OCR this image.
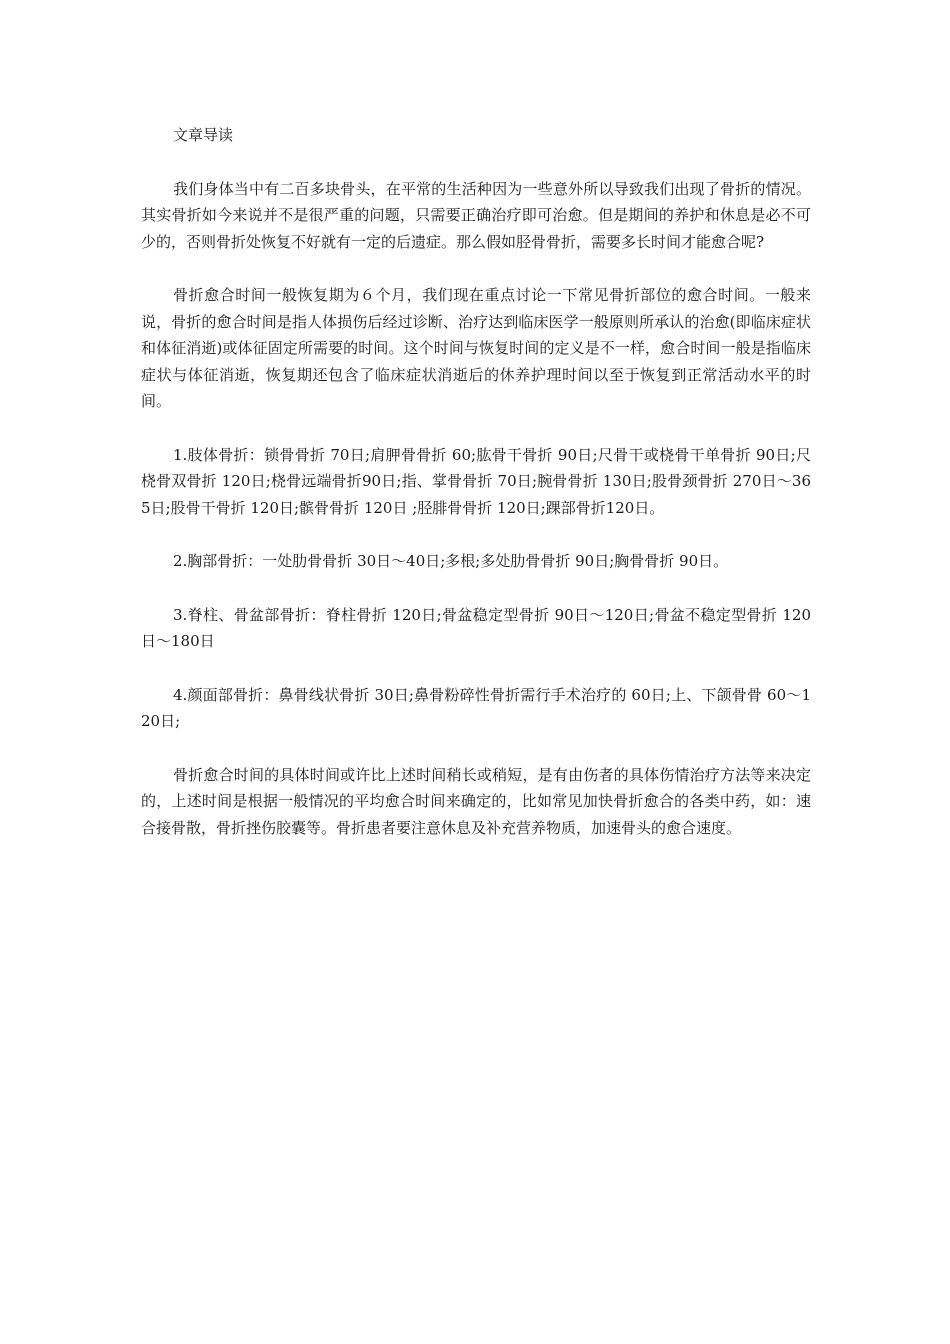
文章导读

我们身体当中有二百多块骨头，在平常的生活种因为一些意外所以导致我们出现了骨折的情况。其实骨折如今来说并不是很严重的问题，只需要正确治疗即可治愈。但是期间的养护和休息是必不可少的，否则骨折处恢复不好就有一定的后遗症。那么假如胫骨骨折，需要多长时间才能愈合呢?

骨折愈合时间一般恢复期为６个月，我们现在重点讨论一下常见骨折部位的愈合时间。一般来说，骨折的愈合时间是指人体损伤后经过诊断、治疗达到临床医学一般原则所承认的治愈(即临床症状和体征消逝)或体征固定所需要的时间。这个时间与恢复时间的定义是不一样，愈合时间一般是指临床症状与体征消逝，恢复期还包含了临床症状消逝后的休养护理时间以至于恢复到正常活动水平的时间。

1.肢体骨折：锁骨骨折 70日;肩胛骨骨折 60;肱骨干骨折 90日;尺骨干或桡骨干单骨折 90日;尺桡骨双骨折 120日;桡骨远端骨折90日;指、掌骨骨折 70日;腕骨骨折 130日;股骨颈骨折 270日～365日;股骨干骨折 120日;髌骨骨折 120日 ;胫腓骨骨折 120日;踝部骨折120日。

2.胸部骨折：一处肋骨骨折 30日～40日;多根;多处肋骨骨折 90日;胸骨骨折 90日。

3.脊柱、骨盆部骨折：脊柱骨折 120日;骨盆稳定型骨折 90日～120日;骨盆不稳定型骨折 120日～180日

4.颜面部骨折：鼻骨线状骨折 30日;鼻骨粉碎性骨折需行手术治疗的 60日;上、下颌骨骨 60～120日;

骨折愈合时间的具体时间或许比上述时间稍长或稍短，是有由伤者的具体伤情治疗方法等来决定的，上述时间是根据一般情况的平均愈合时间来确定的，比如常见加快骨折愈合的各类中药，如：速合接骨散，骨折挫伤胶囊等。骨折患者要注意休息及补充营养物质，加速骨头的愈合速度。
